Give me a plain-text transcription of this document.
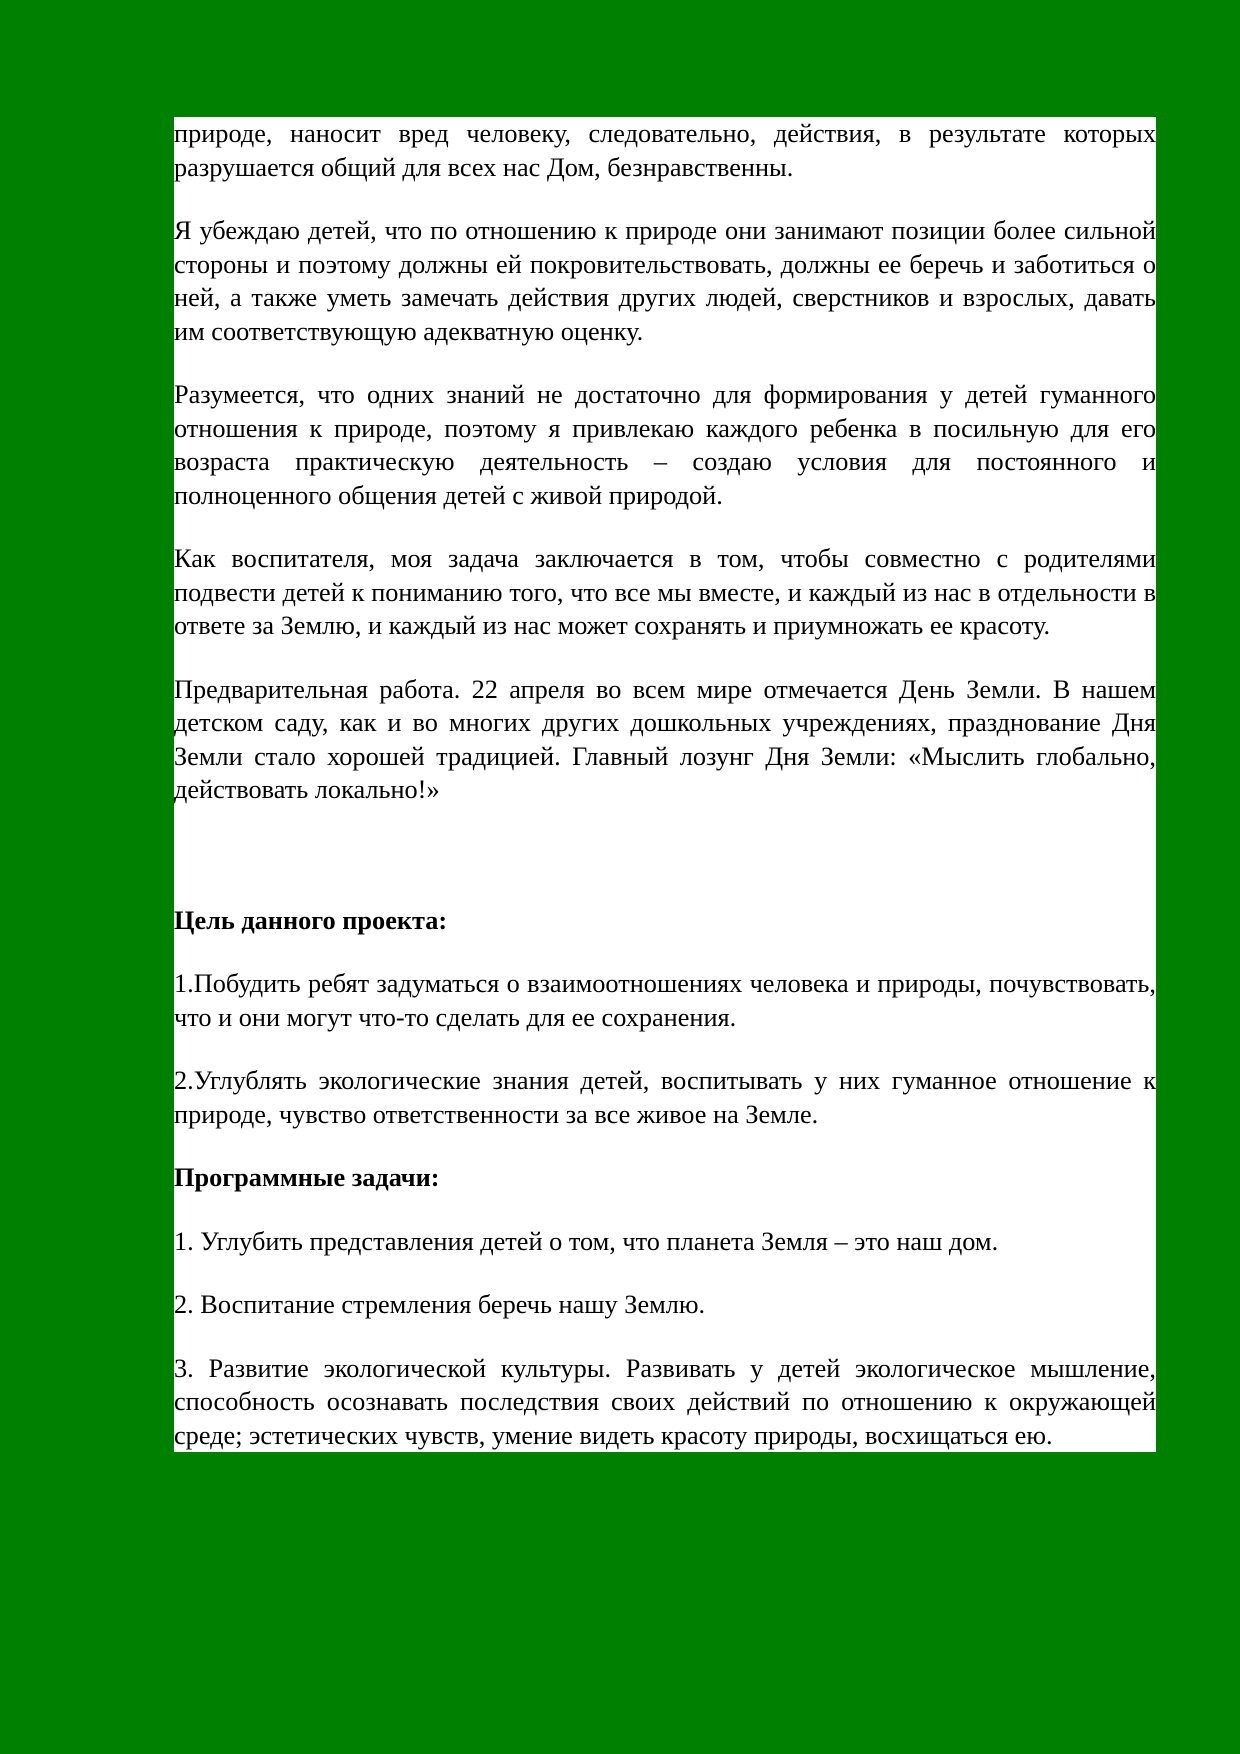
природе, наносит вред человеку, следовательно, действия, в результате которых разрушается общий для всех нас Дом, безнравственны.

Я убеждаю детей, что по отношению к природе они занимают позиции более сильной стороны и поэтому должны ей покровительствовать, должны ее беречь и заботиться о ней, а также уметь замечать действия других людей, сверстников и взрослых, давать им соответствующую адекватную оценку.

Разумеется, что одних знаний не достаточно для формирования у детей гуманного отношения к природе, поэтому я привлекаю каждого ребенка в посильную для его возраста практическую деятельность – создаю условия для постоянного и полноценного общения детей с живой природой.

Как воспитателя, моя задача заключается в том, чтобы совместно с родителями подвести детей к пониманию того, что все мы вместе, и каждый из нас в отдельности в ответе за Землю, и каждый из нас может сохранять и приумножать ее красоту.

Предварительная работа. 22 апреля во всем мире отмечается День Земли. В нашем детском саду, как и во многих других дошкольных учреждениях, празднование Дня Земли стало хорошей традицией. Главный лозунг Дня Земли: «Мыслить глобально, действовать локально!»

Цель данного проекта:

1.Побудить ребят задуматься о взаимоотношениях человека и природы, почувствовать, что и они могут что-то сделать для ее сохранения.

2.Углублять экологические знания детей, воспитывать у них гуманное отношение к природе, чувство ответственности за все живое на Земле.

Программные задачи:

1. Углубить представления детей о том, что планета Земля – это наш дом.

2. Воспитание стремления беречь нашу Землю.

3. Развитие экологической культуры. Развивать у детей экологическое мышление, способность осознавать последствия своих действий по отношению к окружающей среде; эстетических чувств, умение видеть красоту природы, восхищаться ею.
